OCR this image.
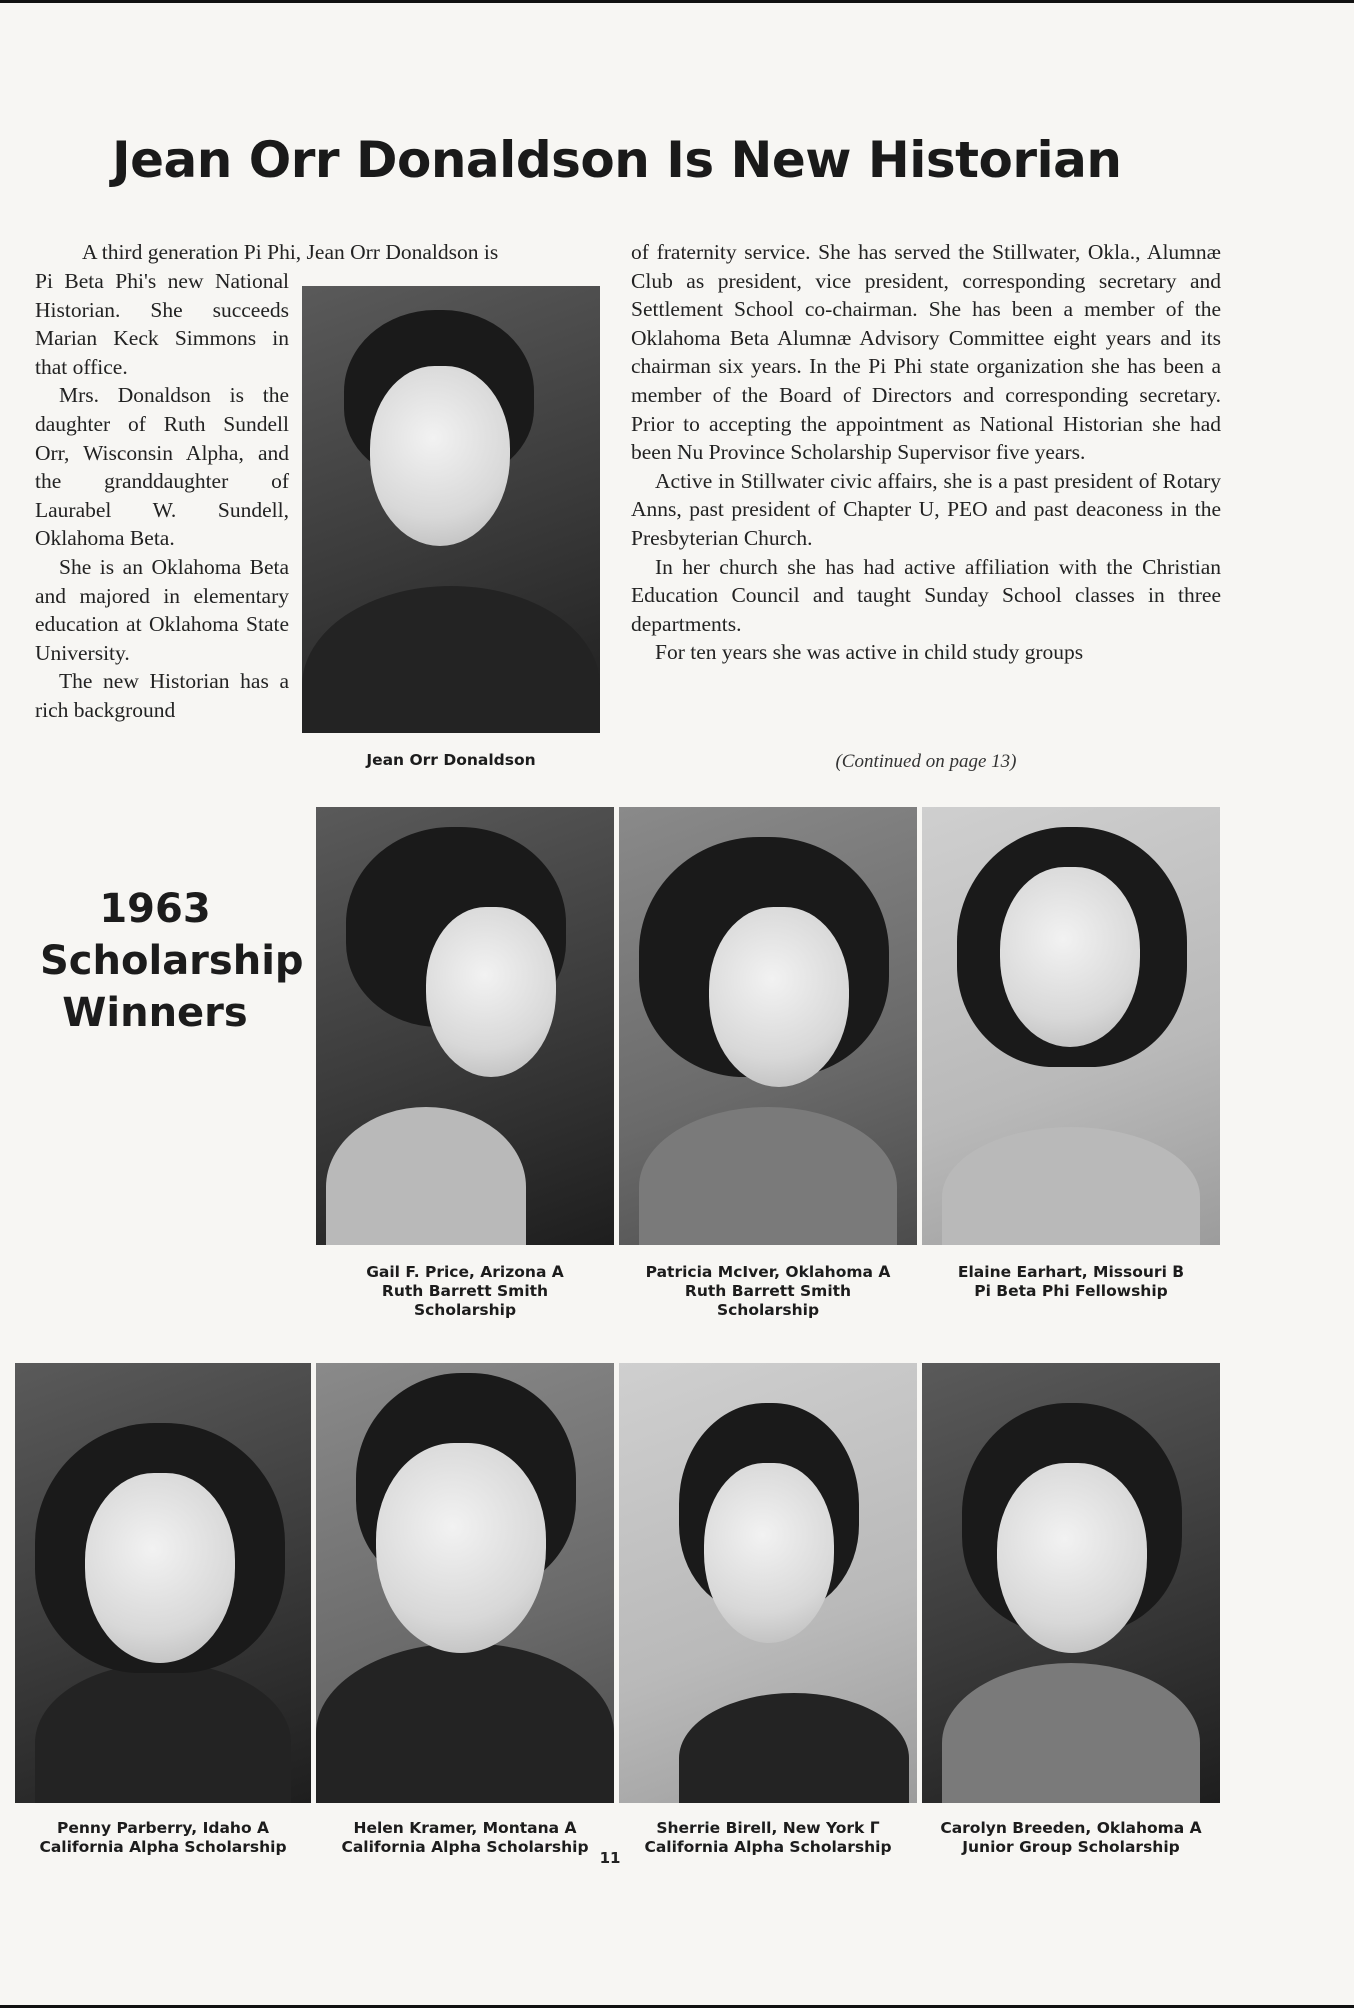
Jean Orr Donaldson Is New Historian

A third generation Pi Phi, Jean Orr Donaldson is

Pi Beta Phi's new National Historian. She succeeds Marian Keck Simmons in that office.

Mrs. Donaldson is the daughter of Ruth Sundell Orr, Wisconsin Alpha, and the granddaughter of Laurabel W. Sundell, Oklahoma Beta.

She is an Oklahoma Beta and majored in elementary education at Oklahoma State University.

The new Historian has a rich background

Jean Orr Donaldson

of fraternity service. She has served the Stillwater, Okla., Alumnæ Club as president, vice president, corresponding secretary and Settlement School co-chairman. She has been a member of the Oklahoma Beta Alumnæ Advisory Committee eight years and its chairman six years. In the Pi Phi state organization she has been a member of the Board of Directors and corresponding secretary. Prior to accepting the appointment as National Historian she had been Nu Province Scholarship Supervisor five years.

Active in Stillwater civic affairs, she is a past president of Rotary Anns, past president of Chapter U, PEO and past deaconess in the Presbyterian Church.

In her church she has had active affiliation with the Christian Education Council and taught Sunday School classes in three departments.

For ten years she was active in child study groups

(Continued on page 13)
1963
Scholarship
Winners
Gail F. Price, Arizona Α
Ruth Barrett Smith
Scholarship
Patricia McIver, Oklahoma Α
Ruth Barrett Smith
Scholarship
Elaine Earhart, Missouri Β
Pi Beta Phi Fellowship
Penny Parberry, Idaho Α
California Alpha Scholarship
Helen Kramer, Montana Α
California Alpha Scholarship
Sherrie Birell, New York Γ
California Alpha Scholarship
Carolyn Breeden, Oklahoma Α
Junior Group Scholarship
11
